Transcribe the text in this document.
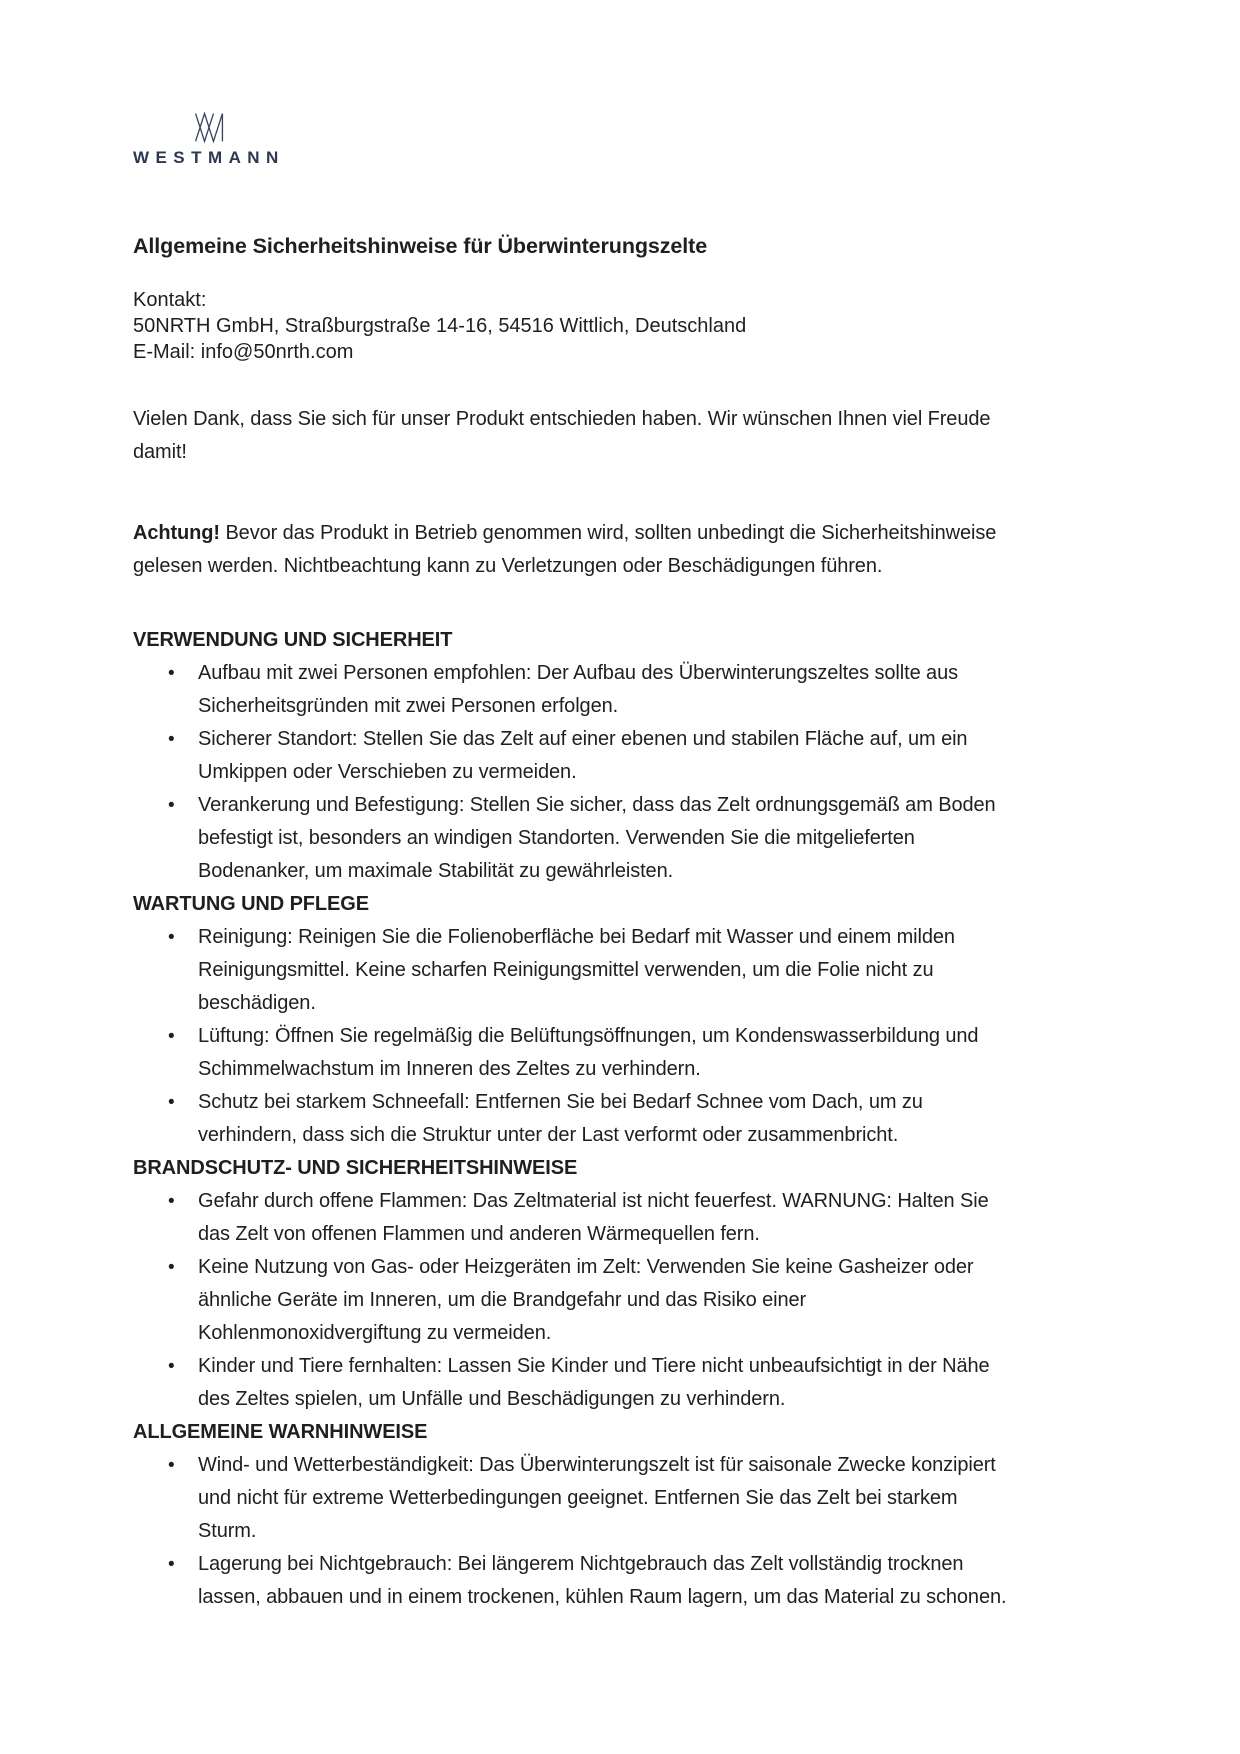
WESTMANN
Allgemeine Sicherheitshinweise für Überwinterungszelte
Kontakt:
50NRTH GmbH, Straßburgstraße 14-16, 54516 Wittlich, Deutschland
E-Mail: info@50nrth.com

Vielen Dank, dass Sie sich für unser Produkt entschieden haben. Wir wünschen Ihnen viel Freude damit!

Achtung! Bevor das Produkt in Betrieb genommen wird, sollten unbedingt die Sicherheitshinweise gelesen werden. Nichtbeachtung kann zu Verletzungen oder Beschädigungen führen.

VERWENDUNG UND SICHERHEIT
•	Aufbau mit zwei Personen empfohlen: Der Aufbau des Überwinterungszeltes sollte aus Sicherheitsgründen mit zwei Personen erfolgen.
•	Sicherer Standort: Stellen Sie das Zelt auf einer ebenen und stabilen Fläche auf, um ein Umkippen oder Verschieben zu vermeiden.
•	Verankerung und Befestigung: Stellen Sie sicher, dass das Zelt ordnungsgemäß am Boden befestigt ist, besonders an windigen Standorten. Verwenden Sie die mitgelieferten Bodenanker, um maximale Stabilität zu gewährleisten.
WARTUNG UND PFLEGE
•	Reinigung: Reinigen Sie die Folienoberfläche bei Bedarf mit Wasser und einem milden Reinigungsmittel. Keine scharfen Reinigungsmittel verwenden, um die Folie nicht zu beschädigen.
•	Lüftung: Öffnen Sie regelmäßig die Belüftungsöffnungen, um Kondenswasserbildung und Schimmelwachstum im Inneren des Zeltes zu verhindern.
•	Schutz bei starkem Schneefall: Entfernen Sie bei Bedarf Schnee vom Dach, um zu verhindern, dass sich die Struktur unter der Last verformt oder zusammenbricht.
BRANDSCHUTZ- UND SICHERHEITSHINWEISE
•	Gefahr durch offene Flammen: Das Zeltmaterial ist nicht feuerfest. WARNUNG: Halten Sie das Zelt von offenen Flammen und anderen Wärmequellen fern.
•	Keine Nutzung von Gas- oder Heizgeräten im Zelt: Verwenden Sie keine Gasheizer oder ähnliche Geräte im Inneren, um die Brandgefahr und das Risiko einer Kohlenmonoxidvergiftung zu vermeiden.
•	Kinder und Tiere fernhalten: Lassen Sie Kinder und Tiere nicht unbeaufsichtigt in der Nähe des Zeltes spielen, um Unfälle und Beschädigungen zu verhindern.
ALLGEMEINE WARNHINWEISE
•	Wind- und Wetterbeständigkeit: Das Überwinterungszelt ist für saisonale Zwecke konzipiert und nicht für extreme Wetterbedingungen geeignet. Entfernen Sie das Zelt bei starkem Sturm.
•	Lagerung bei Nichtgebrauch: Bei längerem Nichtgebrauch das Zelt vollständig trocknen lassen, abbauen und in einem trockenen, kühlen Raum lagern, um das Material zu schonen.
